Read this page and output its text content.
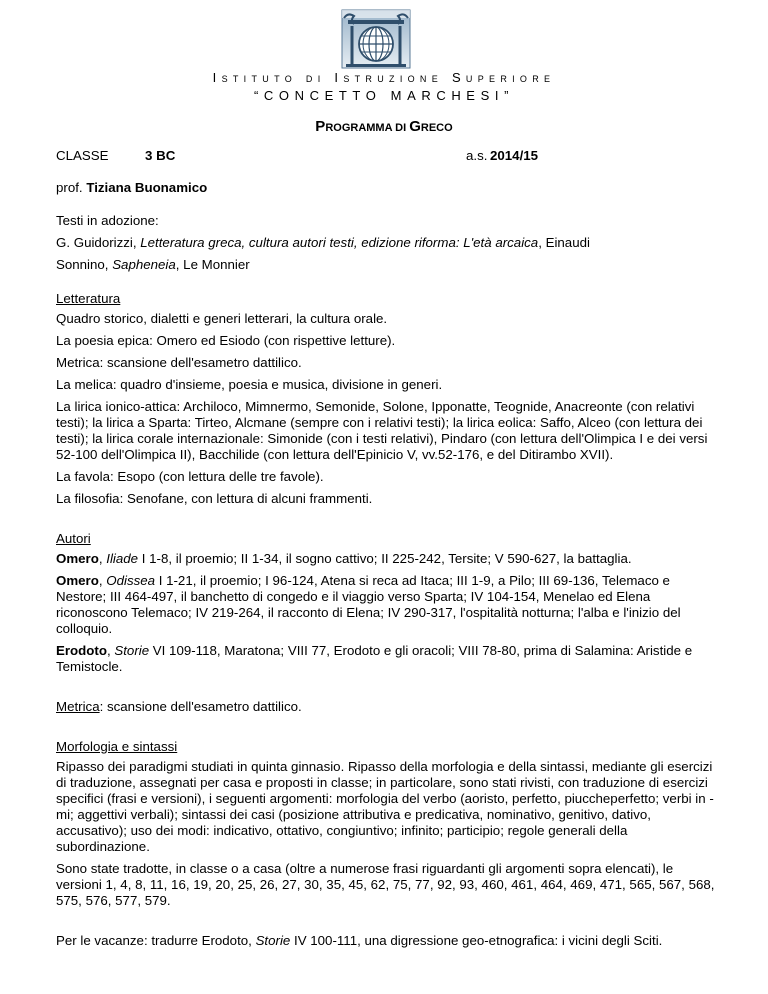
Istituto di Istruzione Superiore
“CONCETTO MARCHESI”
PROGRAMMA DI GRECO
CLASSE	3 BC	a.s. 2014/15

prof. Tiziana Buonamico

Testi in adozione:

G. Guidorizzi, Letteratura greca, cultura autori testi, edizione riforma: L'età arcaica, Einaudi

Sonnino, Sapheneia, Le Monnier

Letteratura

Quadro storico, dialetti e generi letterari, la cultura orale.

La poesia epica: Omero ed Esiodo (con rispettive letture).

Metrica: scansione dell'esametro dattilico.

La melica: quadro d'insieme, poesia e musica, divisione in generi.

La lirica ionico-attica: Archiloco, Mimnermo, Semonide, Solone, Ipponatte, Teognide, Anacreonte (con relativi testi); la lirica a Sparta: Tirteo, Alcmane (sempre con i relativi testi); la lirica eolica: Saffo, Alceo (con lettura dei testi); la lirica corale internazionale: Simonide (con i testi relativi), Pindaro (con lettura dell'Olimpica I e dei versi 52-100 dell'Olimpica II), Bacchilide (con lettura dell'Epinicio V, vv.52-176, e del Ditirambo XVII).

La favola: Esopo (con lettura delle tre favole).

La filosofia: Senofane, con lettura di alcuni frammenti.

Autori

Omero, Iliade I 1-8, il proemio; II 1-34, il sogno cattivo; II 225-242, Tersite; V 590-627, la battaglia.

Omero, Odissea I 1-21, il proemio; I 96-124, Atena si reca ad Itaca; III 1-9, a Pilo; III 69-136, Telemaco e Nestore; III 464-497, il banchetto di congedo e il viaggio verso Sparta; IV 104-154, Menelao ed Elena riconoscono Telemaco; IV 219-264, il racconto di Elena; IV 290-317, l'ospitalità notturna; l'alba e l'inizio del colloquio.

Erodoto, Storie VI 109-118, Maratona; VIII 77, Erodoto e gli oracoli; VIII 78-80, prima di Salamina: Aristide e Temistocle.

Metrica: scansione dell'esametro dattilico.

Morfologia e sintassi

Ripasso dei paradigmi studiati in quinta ginnasio. Ripasso della morfologia e della sintassi, mediante gli esercizi di traduzione, assegnati per casa e proposti in classe; in particolare, sono stati rivisti, con traduzione di esercizi specifici (frasi e versioni), i seguenti argomenti: morfologia del verbo (aoristo, perfetto, piuccheperfetto; verbi in -mi; aggettivi verbali); sintassi dei casi (posizione attributiva e predicativa, nominativo, genitivo, dativo, accusativo); uso dei modi: indicativo, ottativo, congiuntivo; infinito; participio; regole generali della subordinazione.

Sono state tradotte, in classe o a casa (oltre a numerose frasi riguardanti gli argomenti sopra elencati), le versioni 1, 4, 8, 11, 16, 19, 20, 25, 26, 27, 30, 35, 45, 62, 75, 77, 92, 93, 460, 461, 464, 469, 471, 565, 567, 568, 575, 576, 577, 579.

Per le vacanze: tradurre Erodoto, Storie IV 100-111, una digressione geo-etnografica: i vicini degli Sciti.
